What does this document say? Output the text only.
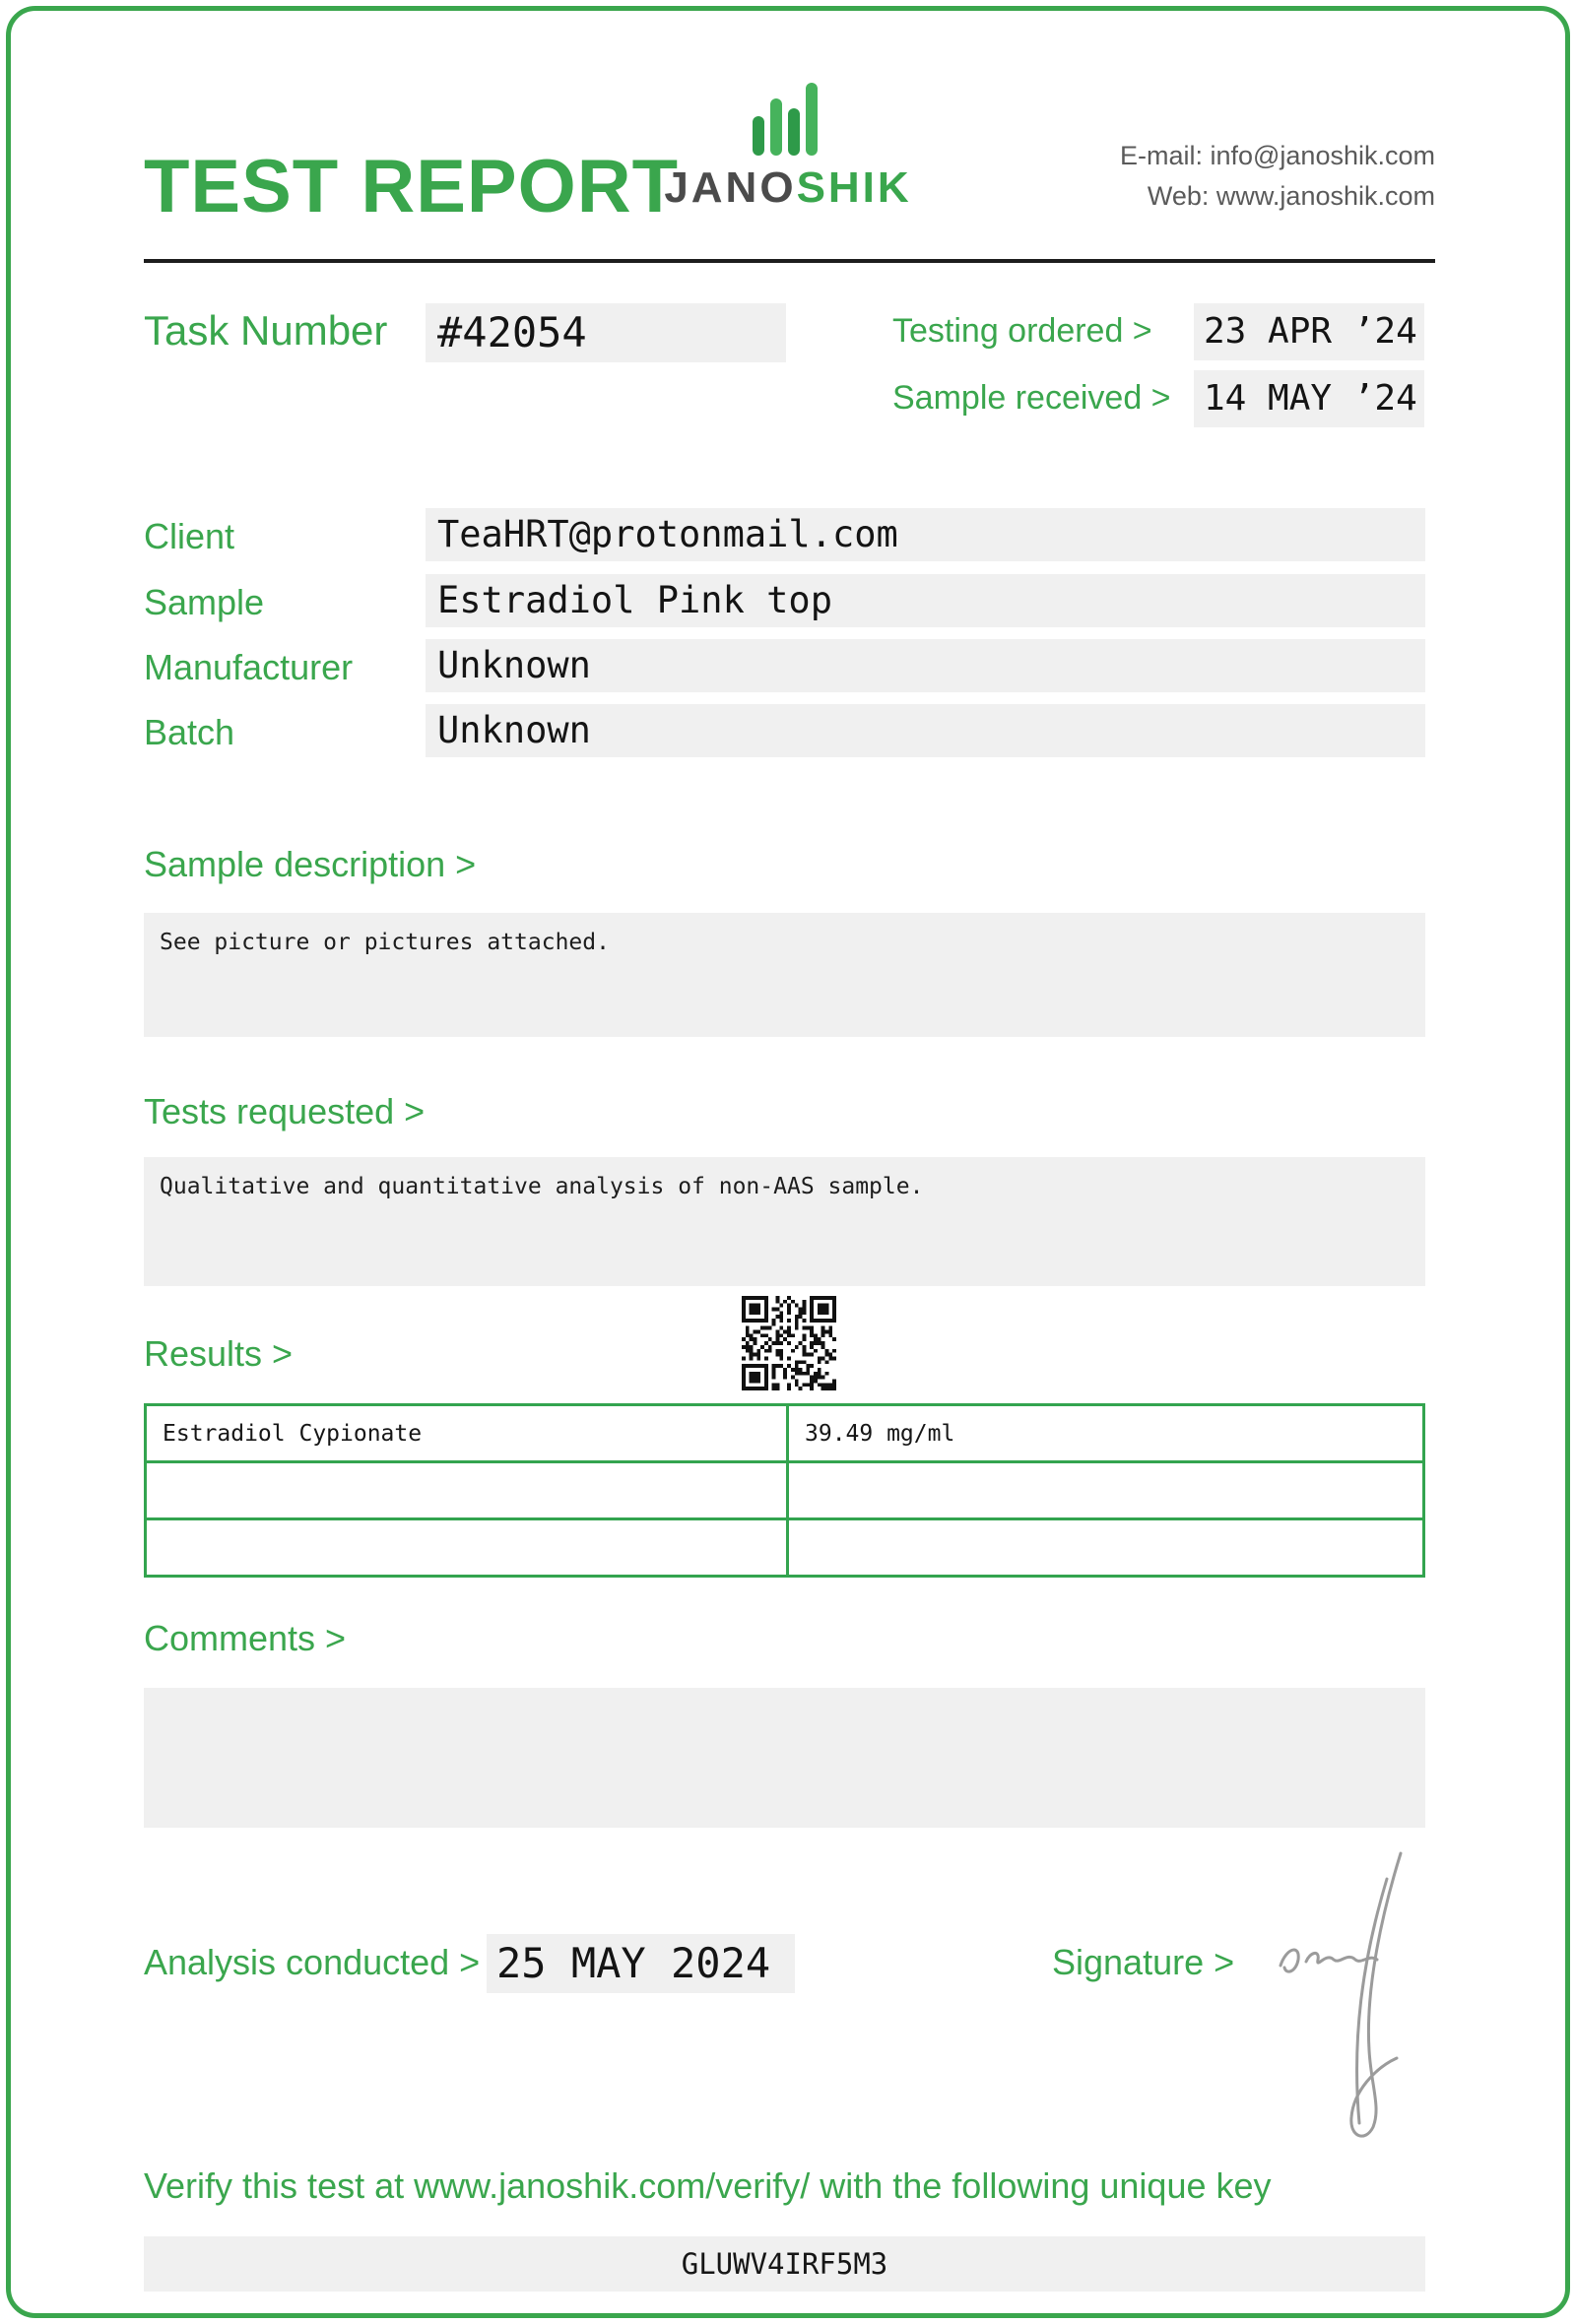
TEST REPORT
JANOSHIK
E-mail: info@janoshik.com
Web: www.janoshik.com
Task Number #42054	Testing ordered > 23 APR ’24
Sample received > 14 MAY ’24
Client	TeaHRT@protonmail.com
Sample	Estradiol Pink top
Manufacturer	Unknown
Batch	Unknown
Sample description >
See picture or pictures attached.
Tests requested >
Qualitative and quantitative analysis of non-AAS sample.
Results >
Estradiol Cypionate	39.49 mg/ml

Comments >
Analysis conducted > 25 MAY 2024	Signature >
Verify this test at www.janoshik.com/verify/ with the following unique key
GLUWV4IRF5M3
